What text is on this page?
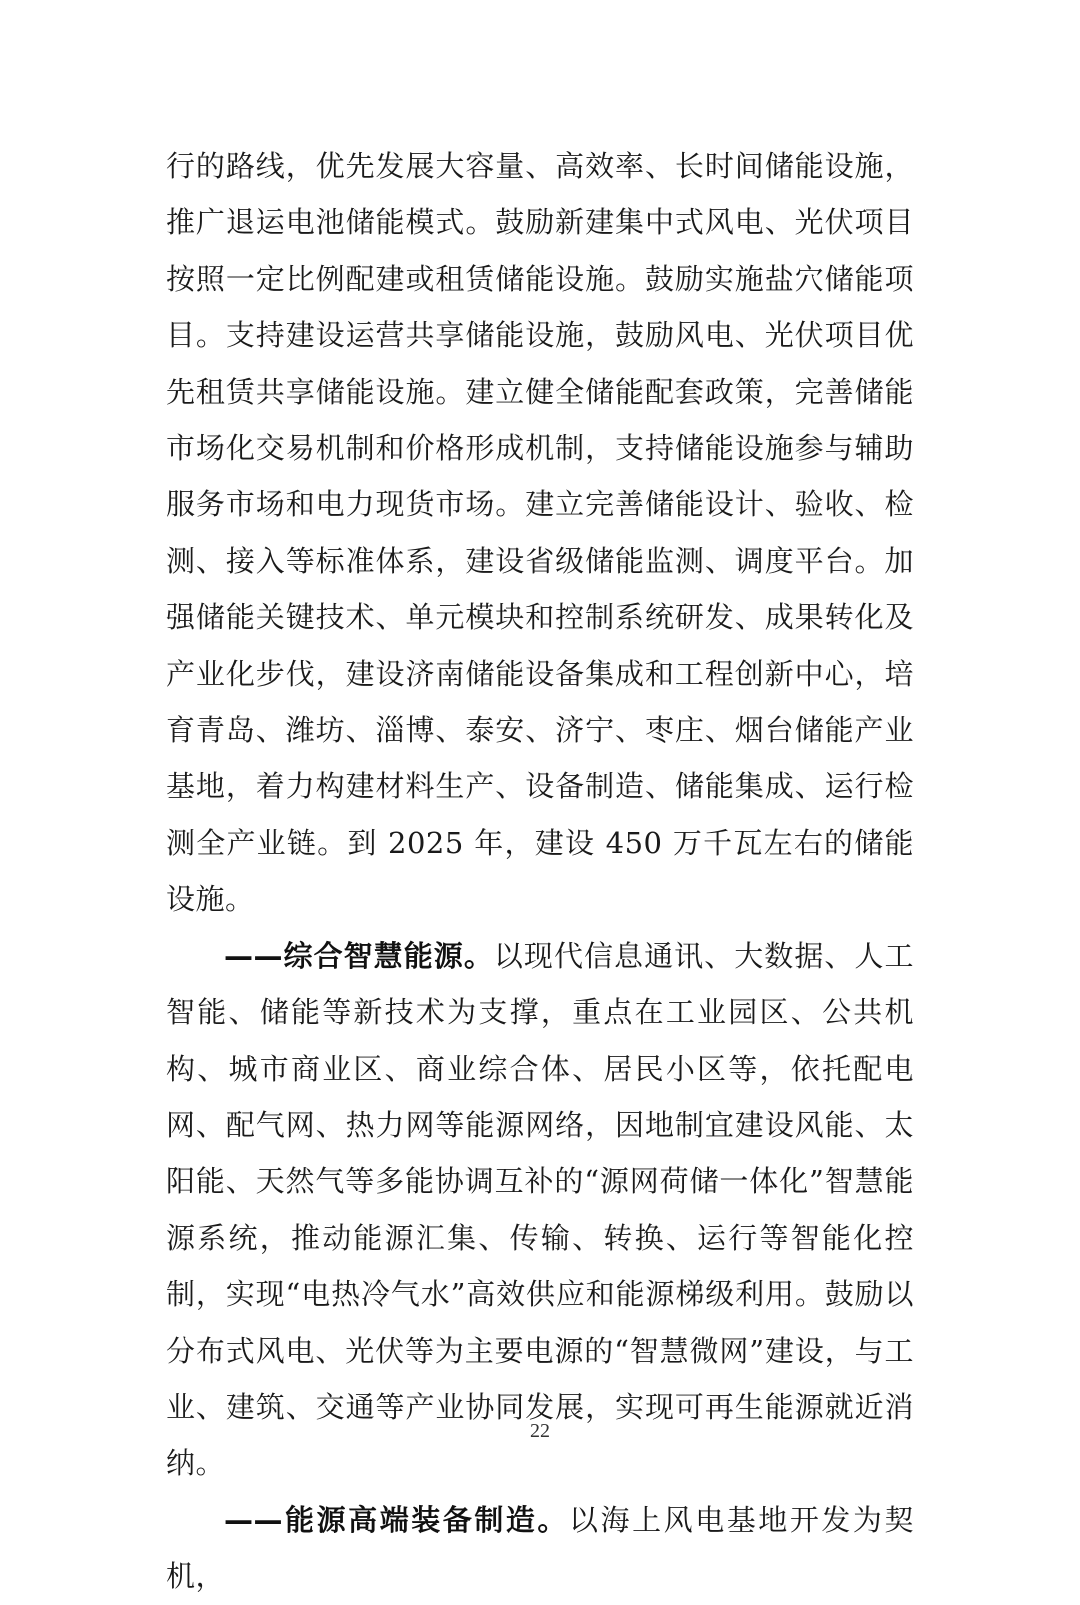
行的路线，优先发展大容量、高效率、长时间储能设施，推广退运电池储能模式。鼓励新建集中式风电、光伏项目按照一定比例配建或租赁储能设施。鼓励实施盐穴储能项目。支持建设运营共享储能设施，鼓励风电、光伏项目优先租赁共享储能设施。建立健全储能配套政策，完善储能市场化交易机制和价格形成机制，支持储能设施参与辅助服务市场和电力现货市场。建立完善储能设计、验收、检测、接入等标准体系，建设省级储能监测、调度平台。加强储能关键技术、单元模块和控制系统研发、成果转化及产业化步伐，建设济南储能设备集成和工程创新中心，培育青岛、潍坊、淄博、泰安、济宁、枣庄、烟台储能产业基地，着力构建材料生产、设备制造、储能集成、运行检测全产业链。到 2025 年，建设 450 万千瓦左右的储能设施。

——综合智慧能源。以现代信息通讯、大数据、人工智能、储能等新技术为支撑，重点在工业园区、公共机构、城市商业区、商业综合体、居民小区等，依托配电网、配气网、热力网等能源网络，因地制宜建设风能、太阳能、天然气等多能协调互补的“源网荷储一体化”智慧能源系统，推动能源汇集、传输、转换、运行等智能化控制，实现“电热冷气水”高效供应和能源梯级利用。鼓励以分布式风电、光伏等为主要电源的“智慧微网”建设，与工业、建筑、交通等产业协同发展，实现可再生能源就近消纳。

——能源高端装备制造。以海上风电基地开发为契机，

22
